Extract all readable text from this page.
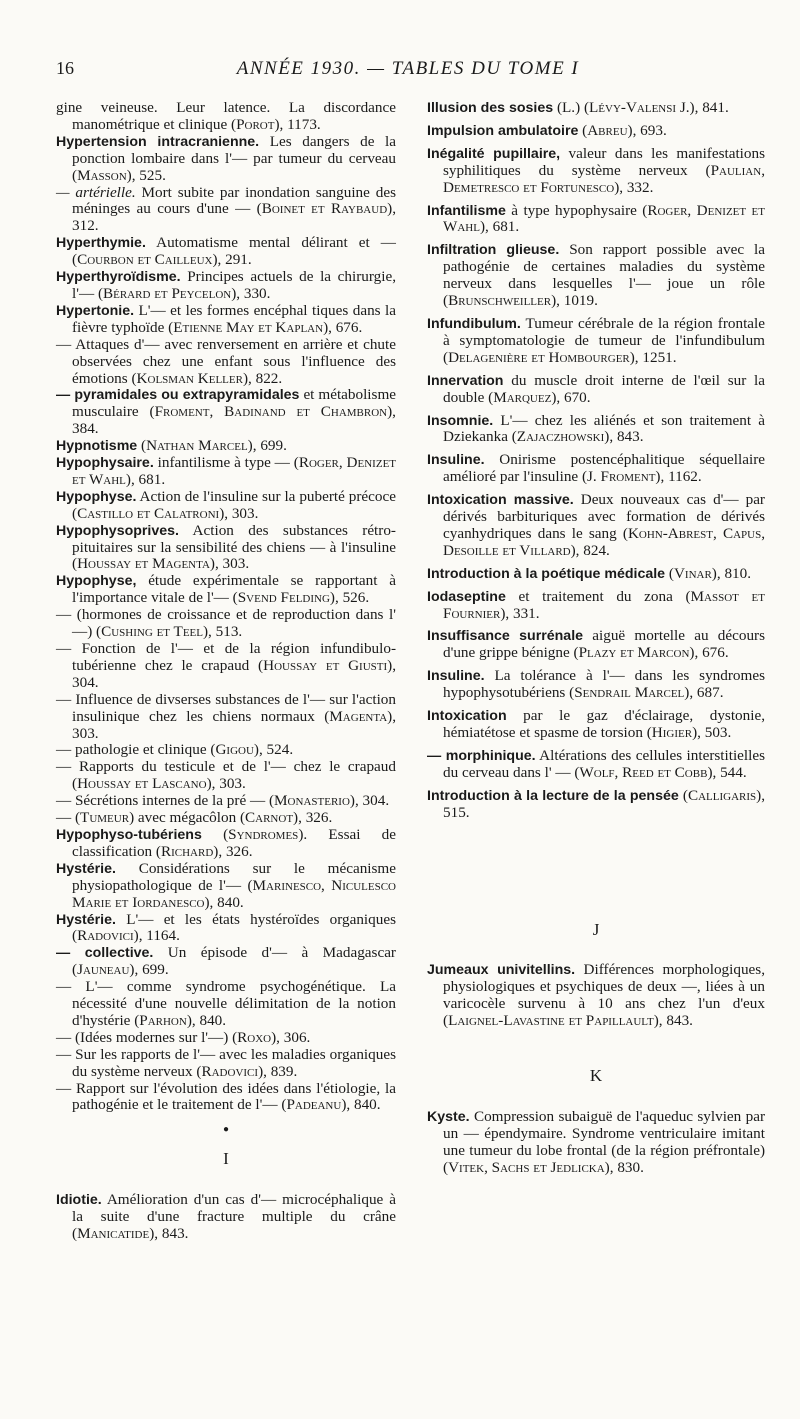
16	ANNÉE 1930. — TABLES DU TOME I

gine veineuse. Leur latence. La discordance manométrique et clinique (Porot), 1173.

Hypertension intracranienne. Les dangers de la ponction lombaire dans l'— par tumeur du cerveau (Masson), 525.

— artérielle. Mort subite par inondation sanguine des méninges au cours d'une — (Boinet et Raybaud), 312.

Hyperthymie. Automatisme mental délirant et — (Courbon et Cailleux), 291.

Hyperthyroïdisme. Principes actuels de la chirurgie, l'— (Bérard et Peycelon), 330.

Hypertonie. L'— et les formes encéphal tiques dans la fièvre typhoïde (Etienne May et Kaplan), 676.

— Attaques d'— avec renversement en arrière et chute observées chez une enfant sous l'influence des émotions (Kolsman Keller), 822.

— pyramidales ou extrapyramidales et métabolisme musculaire (Froment, Badinand et Chambron), 384.

Hypnotisme (Nathan Marcel), 699.

Hypophysaire. infantilisme à type — (Roger, Denizet et Wahl), 681.

Hypophyse. Action de l'insuline sur la puberté précoce (Castillo et Calatroni), 303.

Hypophysoprives. Action des substances rétro-pituitaires sur la sensibilité des chiens — à l'insuline (Houssay et Magenta), 303.

Hypophyse, étude expérimentale se rapportant à l'importance vitale de l'— (Svend Felding), 526.

— (hormones de croissance et de reproduction dans l' —) (Cushing et Teel), 513.

— Fonction de l'— et de la région infundibulo-tubérienne chez le crapaud (Houssay et Giusti), 304.

— Influence de divserses substances de l'— sur l'action insulinique chez les chiens normaux (Magenta), 303.

— pathologie et clinique (Gigou), 524.

— Rapports du testicule et de l'— chez le crapaud (Houssay et Lascano), 303.

— Sécrétions internes de la pré — (Monasterio), 304.

— (Tumeur) avec mégacôlon (Carnot), 326.

Hypophyso-tubériens (Syndromes). Essai de classification (Richard), 326.

Hystérie. Considérations sur le mécanisme physiopathologique de l'— (Marinesco, Niculesco Marie et Iordanesco), 840.

Hystérie. L'— et les états hystéroïdes organiques (Radovici), 1164.

— collective. Un épisode d'— à Madagascar (Jauneau), 699.

— L'— comme syndrome psychogénétique. La nécessité d'une nouvelle délimitation de la notion d'hystérie (Parhon), 840.

— (Idées modernes sur l'—) (Roxo), 306.

— Sur les rapports de l'— avec les maladies organiques du système nerveux (Radovici), 839.

— Rapport sur l'évolution des idées dans l'étiologie, la pathogénie et le traitement de l'— (Padeanu), 840.

●
I

Idiotie. Amélioration d'un cas d'— microcéphalique à la suite d'une fracture multiple du crâne (Manicatide), 843.

Illusion des sosies (L.) (Lévy-Valensi J.), 841.

Impulsion ambulatoire (Abreu), 693.

Inégalité pupillaire, valeur dans les manifestations syphilitiques du système nerveux (Paulian, Demetresco et Fortunesco), 332.

Infantilisme à type hypophysaire (Roger, Denizet et Wahl), 681.

Infiltration glieuse. Son rapport possible avec la pathogénie de certaines maladies du système nerveux dans lesquelles l'— joue un rôle (Brunschweiller), 1019.

Infundibulum. Tumeur cérébrale de la région frontale à symptomatologie de tumeur de l'infundibulum (Delagenière et Hombourger), 1251.

Innervation du muscle droit interne de l'œil sur la double (Marquez), 670.

Insomnie. L'— chez les aliénés et son traitement à Dziekanka (Zajaczhowski), 843.

Insuline. Onirisme postencéphalitique séquellaire amélioré par l'insuline (J. Froment), 1162.

Intoxication massive. Deux nouveaux cas d'— par dérivés barbituriques avec formation de dérivés cyanhydriques dans le sang (Kohn-Abrest, Capus, Desoille et Villard), 824.

Introduction à la poétique médicale (Vinar), 810.

Iodaseptine et traitement du zona (Massot et Fournier), 331.

Insuffisance surrénale aiguë mortelle au décours d'une grippe bénigne (Plazy et Marcon), 676.

Insuline. La tolérance à l'— dans les syndromes hypophysotubériens (Sendrail Marcel), 687.

Intoxication par le gaz d'éclairage, dystonie, hémiatétose et spasme de torsion (Higier), 503.

— morphinique. Altérations des cellules interstitielles du cerveau dans l' — (Wolf, Reed et Cobb), 544.

Introduction à la lecture de la pensée (Calligaris), 515.

J

Jumeaux univitellins. Différences morphologiques, physiologiques et psychiques de deux —, liées à un varicocèle survenu à 10 ans chez l'un d'eux (Laignel-Lavastine et Papillault), 843.

K

Kyste. Compression subaiguë de l'aqueduc sylvien par un — épendymaire. Syndrome ventriculaire imitant une tumeur du lobe frontal (de la région préfrontale) (Vitek, Sachs et Jedlicka), 830.
